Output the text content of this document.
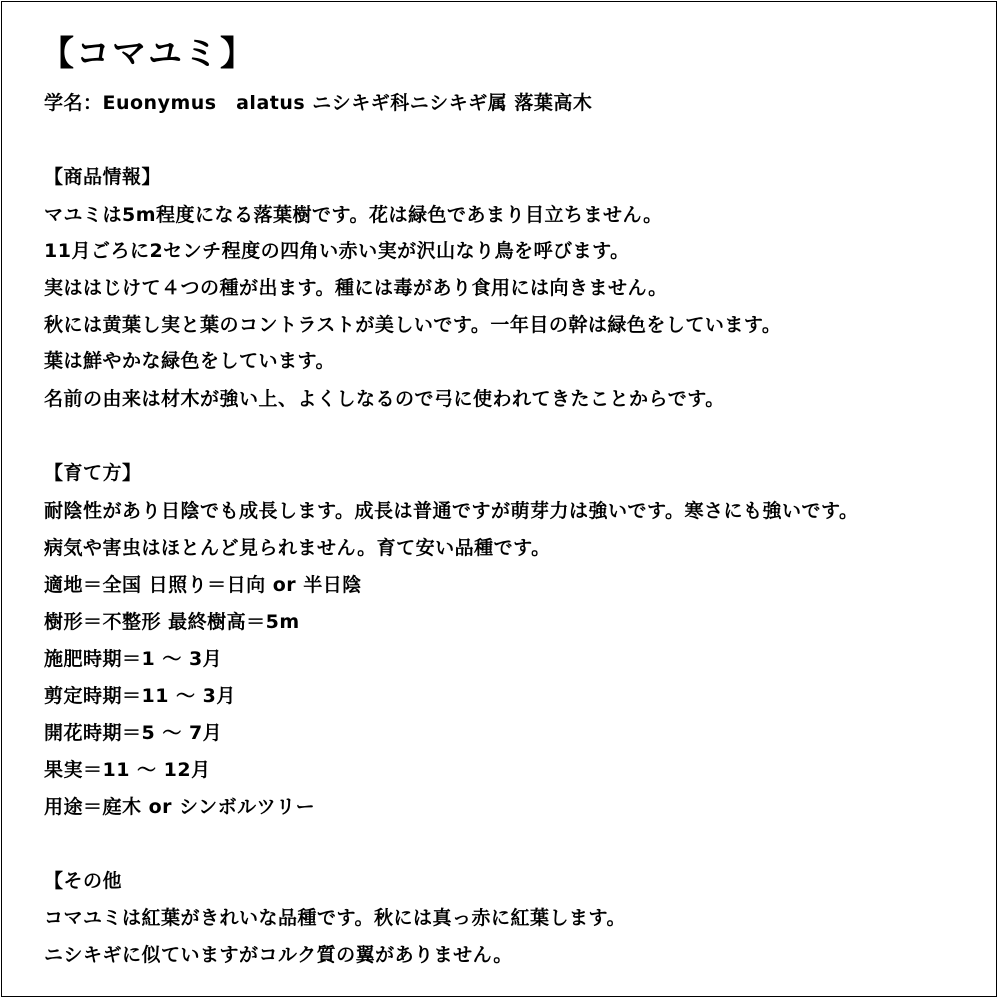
【コマユミ】
学名：Euonymus　alatus ニシキギ科ニシキギ属 落葉高木
【商品情報】
マユミは5m程度になる落葉樹です。花は緑色であまり目立ちません。
11月ごろに2センチ程度の四角い赤い実が沢山なり鳥を呼びます。
実ははじけて４つの種が出ます。種には毒があり食用には向きません。
秋には黄葉し実と葉のコントラストが美しいです。一年目の幹は緑色をしています。
葉は鮮やかな緑色をしています。
名前の由来は材木が強い上、よくしなるので弓に使われてきたことからです。
【育て方】
耐陰性があり日陰でも成長します。成長は普通ですが萌芽力は強いです。寒さにも強いです。
病気や害虫はほとんど見られません。育て安い品種です。
適地＝全国 日照り＝日向 or 半日陰
樹形＝不整形 最終樹高＝5m
施肥時期＝1 ～ 3月
剪定時期＝11 ～ 3月
開花時期＝5 ～ 7月
果実＝11 ～ 12月
用途＝庭木 or シンボルツリー
【その他
コマユミは紅葉がきれいな品種です。秋には真っ赤に紅葉します。
ニシキギに似ていますがコルク質の翼がありません。
